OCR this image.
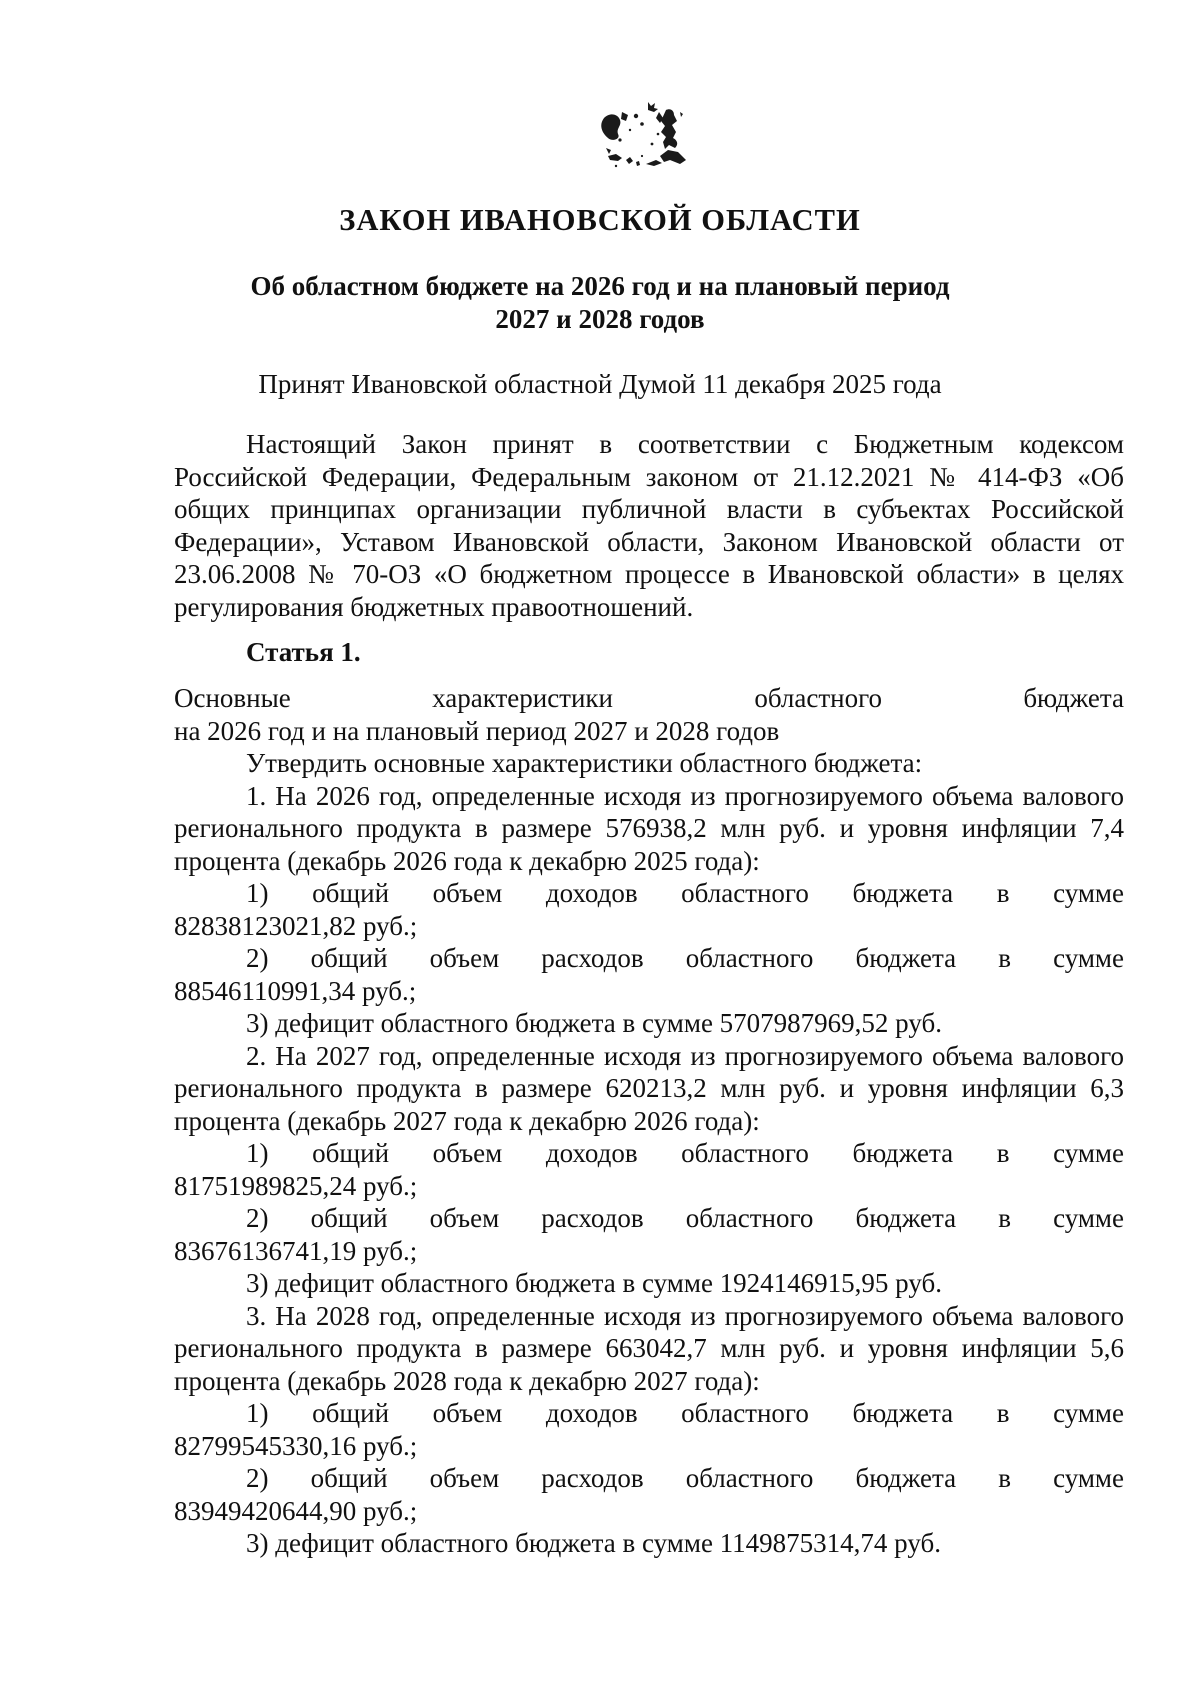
ЗАКОН ИВАНОВСКОЙ ОБЛАСТИ
Об областном бюджете на 2026 год и на плановый период
2027 и 2028 годов

Принят Ивановской областной Думой 11 декабря 2025 года

Настоящий Закон принят в соответствии с Бюджетным кодексом Российской Федерации, Федеральным законом от 21.12.2021 № 414-ФЗ «Об общих принципах организации публичной власти в субъектах Российской Федерации», Уставом Ивановской области, Законом Ивановской области от 23.06.2008 № 70-ОЗ «О бюджетном процессе в Ивановской области» в целях регулирования бюджетных правоотношений.

Статья 1.

Основные характеристики областного бюджета
на 2026 год и на плановый период 2027 и 2028 годов

Утвердить основные характеристики областного бюджета:

1. На 2026 год, определенные исходя из прогнозируемого объема валового регионального продукта в размере 576938,2 млн руб. и уровня инфляции 7,4 процента (декабрь 2026 года к декабрю 2025 года):

1) общий объем доходов областного бюджета в сумме

82838123021,82 руб.;

2) общий объем расходов областного бюджета в сумме

88546110991,34 руб.;

3) дефицит областного бюджета в сумме 5707987969,52 руб.

2. На 2027 год, определенные исходя из прогнозируемого объема валового регионального продукта в размере 620213,2 млн руб. и уровня инфляции 6,3 процента (декабрь 2027 года к декабрю 2026 года):

1) общий объем доходов областного бюджета в сумме

81751989825,24 руб.;

2) общий объем расходов областного бюджета в сумме

83676136741,19 руб.;

3) дефицит областного бюджета в сумме 1924146915,95 руб.

3. На 2028 год, определенные исходя из прогнозируемого объема валового регионального продукта в размере 663042,7 млн руб. и уровня инфляции 5,6 процента (декабрь 2028 года к декабрю 2027 года):

1) общий объем доходов областного бюджета в сумме

82799545330,16 руб.;

2) общий объем расходов областного бюджета в сумме

83949420644,90 руб.;

3) дефицит областного бюджета в сумме 1149875314,74 руб.
